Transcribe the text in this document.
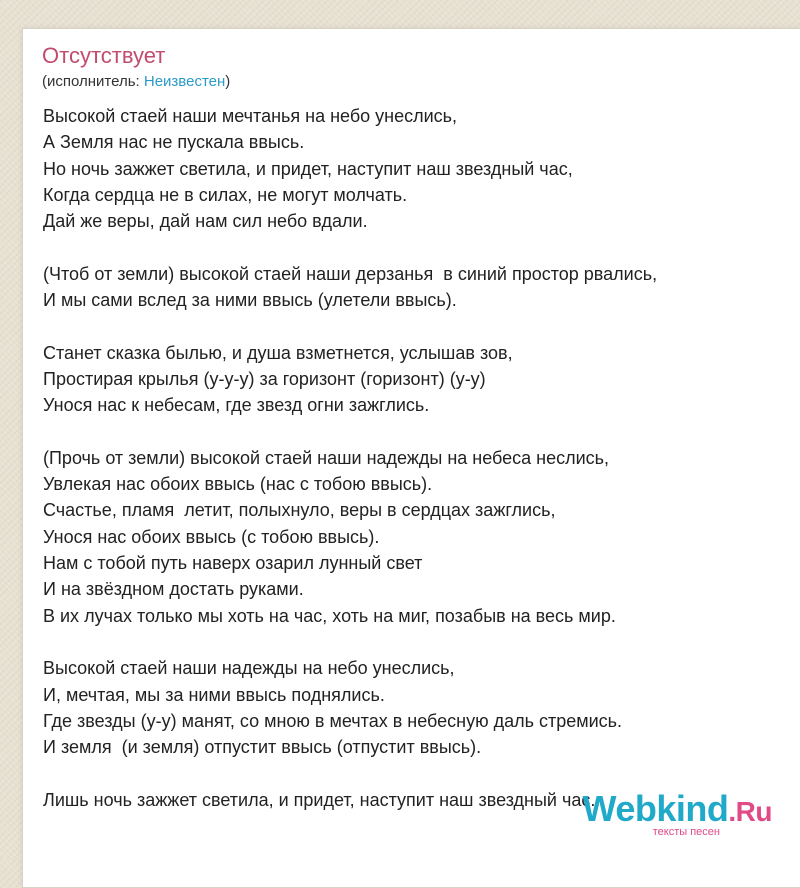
Отсутствует
(исполнитель: Неизвестен)
Высокой стаей наши мечтанья на небо унеслись,
А Земля нас не пускала ввысь.
Но ночь зажжет светила, и придет, наступит наш звездный час,
Когда сердца не в силах, не могут молчать.
Дай же веры, дай нам сил небо вдали.
(Чтоб от земли) высокой стаей наши дерзанья  в синий простор рвались,
И мы сами вслед за ними ввысь (улетели ввысь).
Станет сказка былью, и душа взметнется, услышав зов,
Простирая крылья (у-у-у) за горизонт (горизонт) (у-у)
Унося нас к небесам, где звезд огни зажглись.
(Прочь от земли) высокой стаей наши надежды на небеса неслись,
Увлекая нас обоих ввысь (нас с тобою ввысь).
Счастье, пламя  летит, полыхнуло, веры в сердцах зажглись,
Унося нас обоих ввысь (с тобою ввысь).
Нам с тобой путь наверх озарил лунный свет
И на звёздном достать руками.
В их лучах только мы хоть на час, хоть на миг, позабыв на весь мир.
Высокой стаей наши надежды на небо унеслись,
И, мечтая, мы за ними ввысь поднялись.
Где звезды (у-у) манят, со мною в мечтах в небесную даль стремись.
И земля  (и земля) отпустит ввысь (отпустит ввысь).
Лишь ночь зажжет светила, и придет, наступит наш звездный час.
Webkind.Ru
тексты песен
